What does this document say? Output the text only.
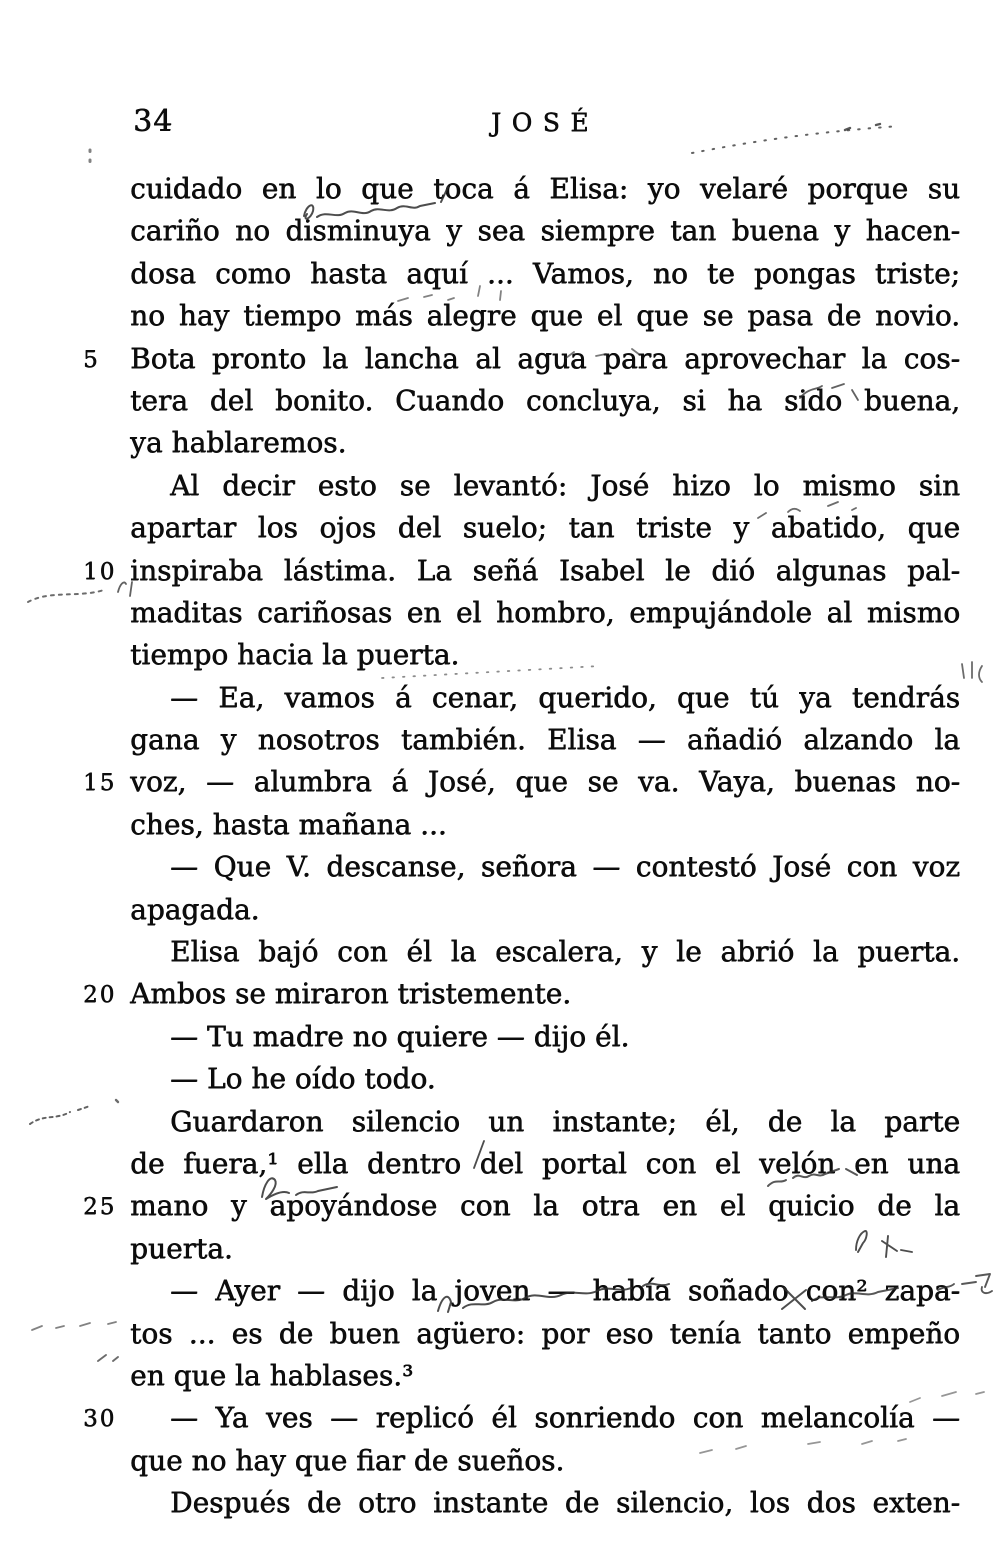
34	JOSÉ
cuidado en lo que toca á Elisa: yo velaré porque su
cariño no disminuya y sea siempre tan buena y hacen-
dosa como hasta aquí ... Vamos, no te pongas triste;
no hay tiempo más alegre que el que se pasa de novio.
5	Bota pronto la lancha al agua para aprovechar la cos-
tera del bonito. Cuando concluya, si ha sido buena,
ya hablaremos.
Al decir esto se levantó: José hizo lo mismo sin
apartar los ojos del suelo; tan triste y abatido, que
10 inspiraba lástima. La señá Isabel le dió algunas pal-
maditas cariñosas en el hombro, empujándole al mismo
tiempo hacia la puerta.
— Ea, vamos á cenar, querido, que tú ya tendrás
gana y nosotros también. Elisa — añadió alzando la
15 voz, — alumbra á José, que se va. Vaya, buenas no-
ches, hasta mañana ...
— Que V. descanse, señora — contestó José con voz
apagada.
Elisa bajó con él la escalera, y le abrió la puerta.
20 Ambos se miraron tristemente.
— Tu madre no quiere — dijo él.
— Lo he oído todo.
Guardaron silencio un instante; él, de la parte
de fuera,¹ ella dentro del portal con el velón en una
25 mano y apoyándose con la otra en el quicio de la
puerta.
— Ayer — dijo la joven — había soñado con² zapa-
tos ... es de buen agüero: por eso tenía tanto empeño
en que la hablases.³
30	— Ya ves — replicó él sonriendo con melancolía —
que no hay que fiar de sueños.
Después de otro instante de silencio, los dos exten-
